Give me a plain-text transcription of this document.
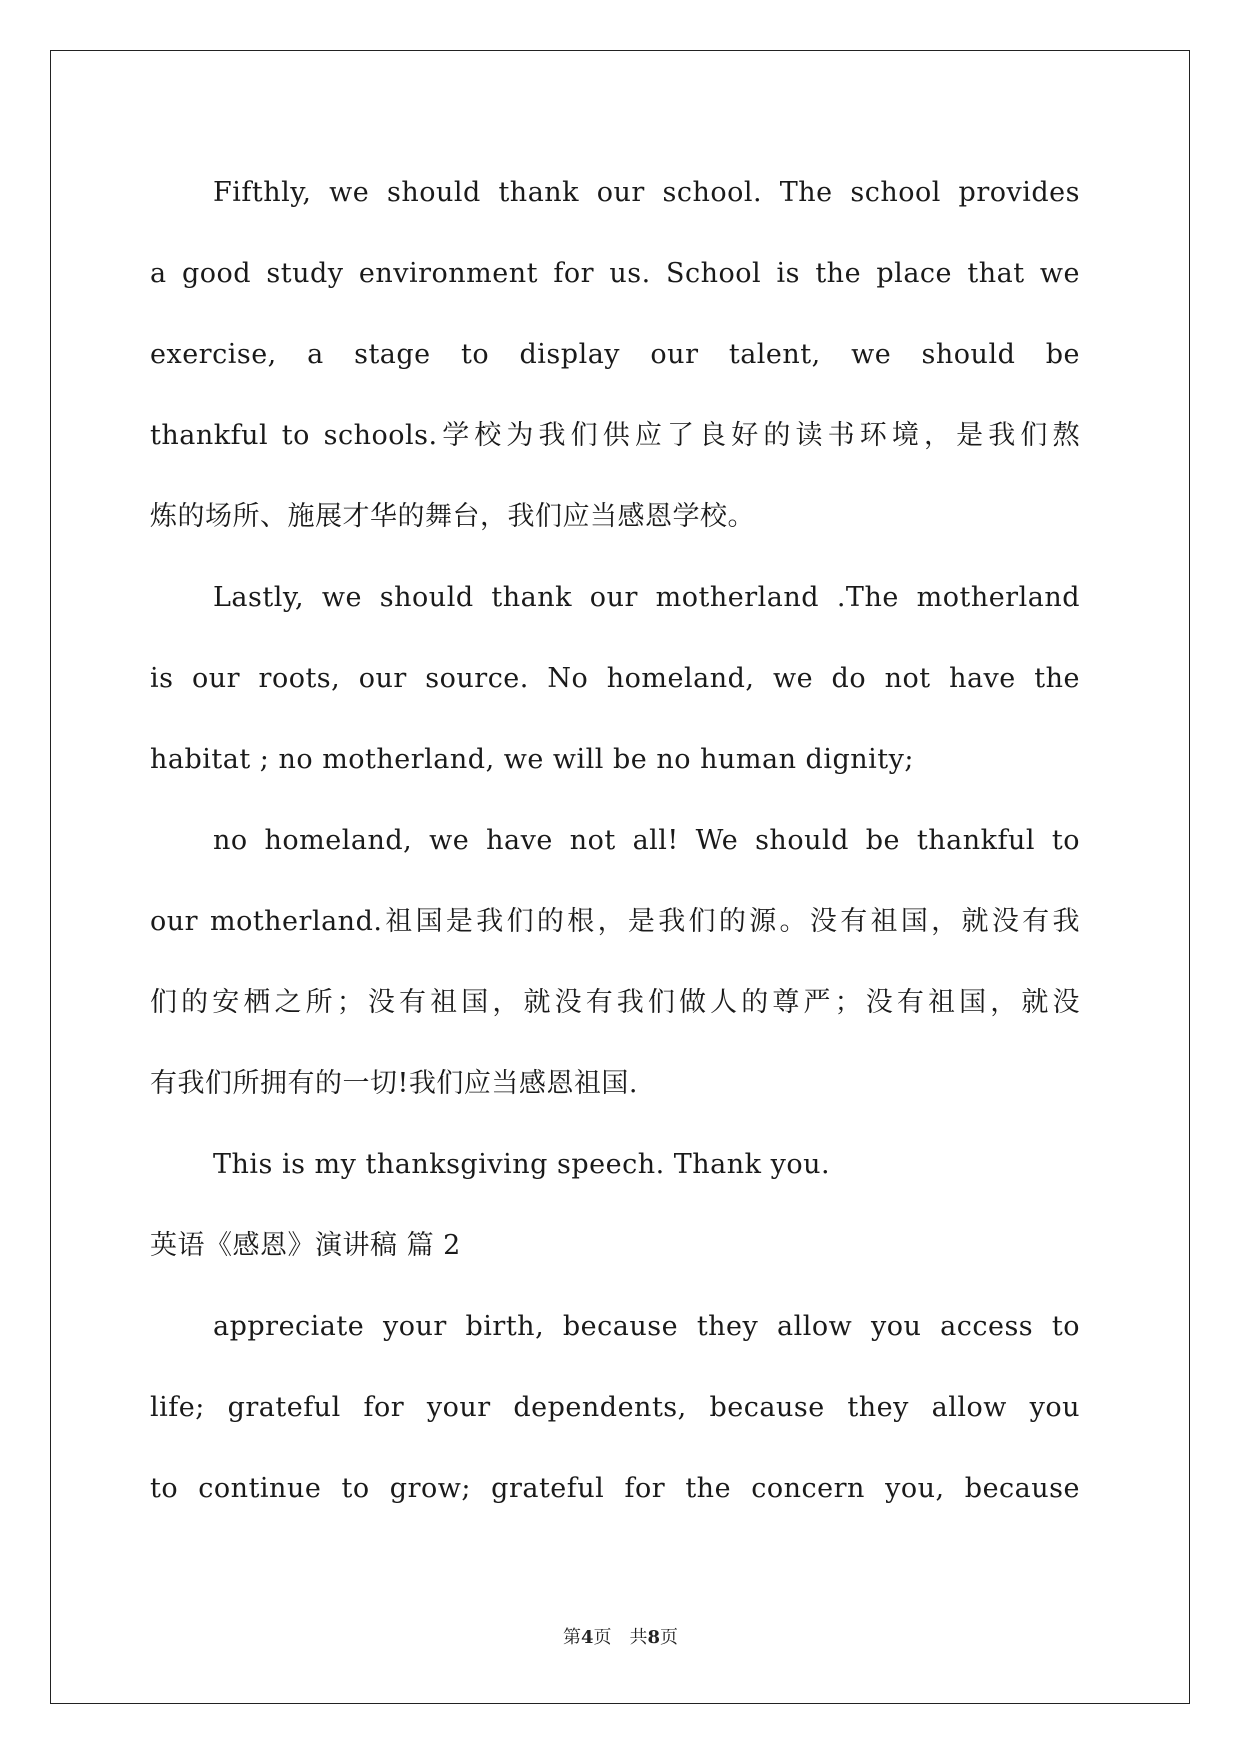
Fifthly, we should thank our school. The school provides
a good study environment for us. School is the place that we
exercise, a stage to display our talent, we should be
thankful to schools.学校为我们供应了良好的读书环境，是我们熬
炼的场所、施展才华的舞台，我们应当感恩学校。
Lastly, we should thank our motherland .The motherland
is our roots, our source. No homeland, we do not have the
habitat ; no motherland, we will be no human dignity;
no homeland, we have not all! We should be thankful to
our motherland.祖国是我们的根，是我们的源。没有祖国，就没有我
们的安栖之所；没有祖国，就没有我们做人的尊严；没有祖国，就没
有我们所拥有的一切!我们应当感恩祖国.
This is my thanksgiving speech. Thank you.
英语《感恩》演讲稿 篇 2
appreciate your birth, because they allow you access to
life; grateful for your dependents, because they allow you
to continue to grow; grateful for the concern you, because
第4页　共8页
